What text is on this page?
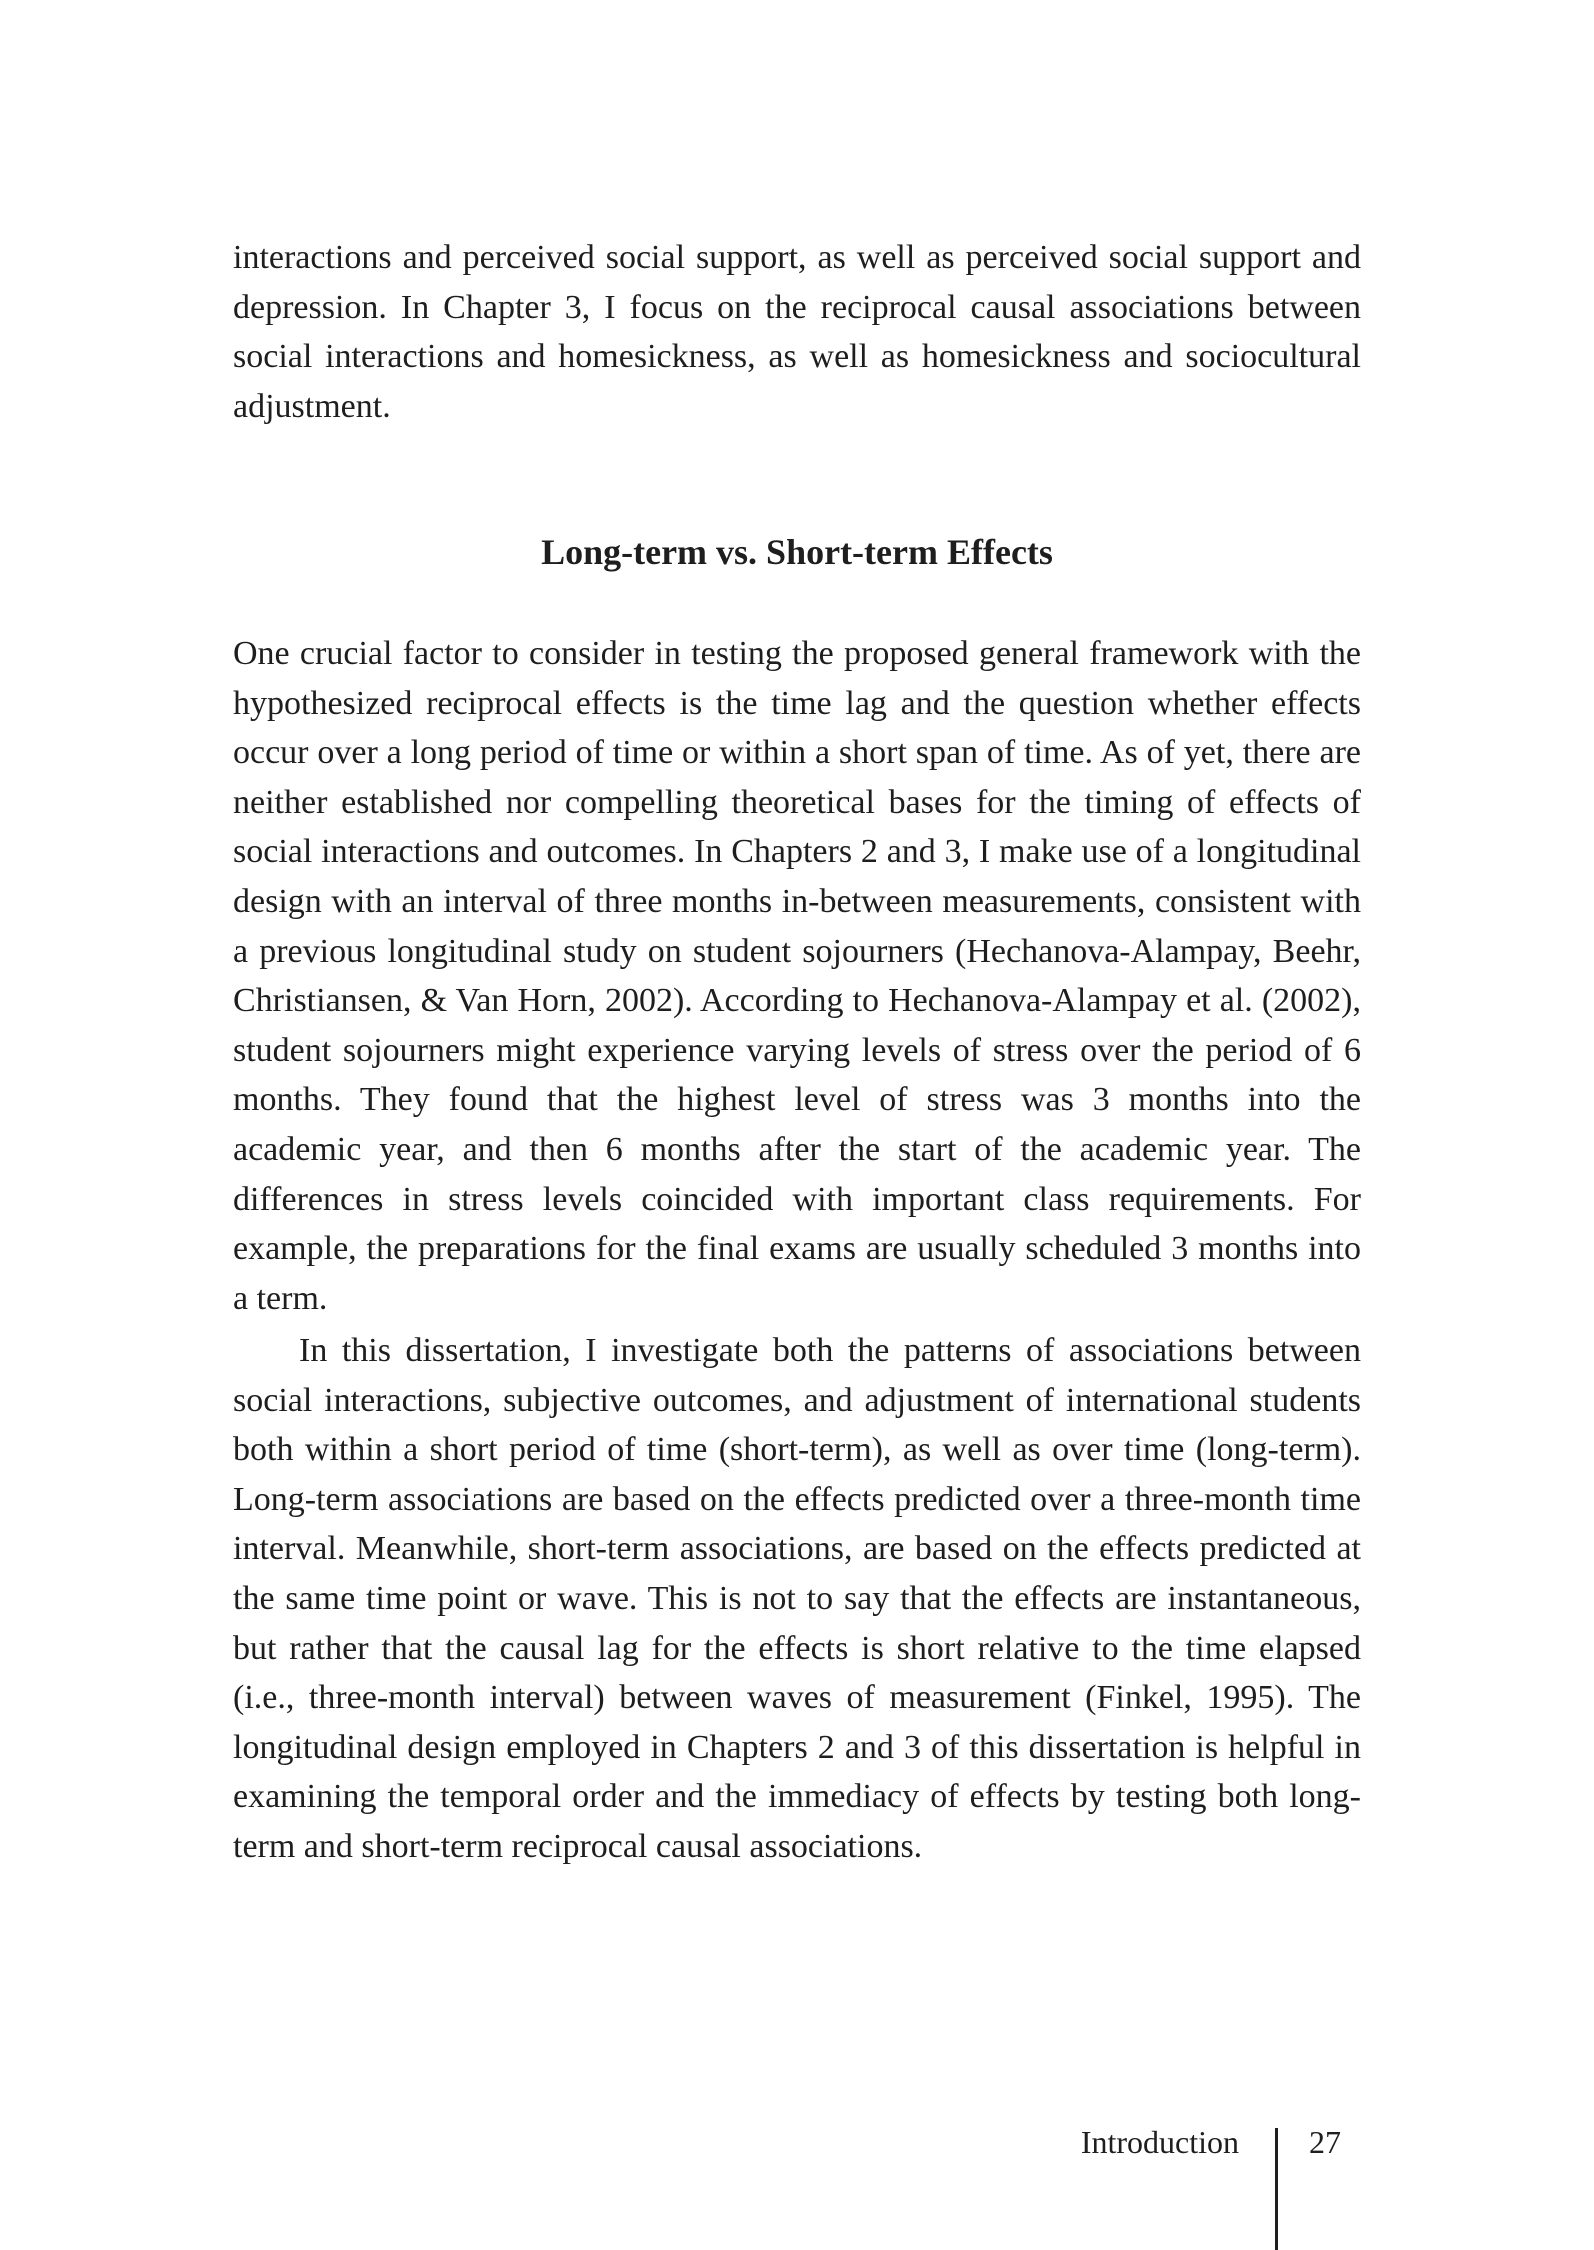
interactions and perceived social support, as well as perceived social support and depression. In Chapter 3, I focus on the reciprocal causal associations between social interactions and homesickness, as well as homesickness and sociocultural adjustment.

Long-term vs. Short-term Effects

One crucial factor to consider in testing the proposed general framework with the hypothesized reciprocal effects is the time lag and the question whether effects occur over a long period of time or within a short span of time. As of yet, there are neither established nor compelling theoretical bases for the timing of effects of social interactions and outcomes. In Chapters 2 and 3, I make use of a longitudinal design with an interval of three months in-between measurements, consistent with a previous longitudinal study on student sojourners (Hechanova-Alampay, Beehr, Christiansen, & Van Horn, 2002). According to Hechanova-Alampay et al. (2002), student sojourners might experience varying levels of stress over the period of 6 months. They found that the highest level of stress was 3 months into the academic year, and then 6 months after the start of the academic year. The differences in stress levels coincided with important class requirements. For example, the preparations for the final exams are usually scheduled 3 months into a term.

In this dissertation, I investigate both the patterns of associations between social interactions, subjective outcomes, and adjustment of international students both within a short period of time (short-term), as well as over time (long-term). Long-term associations are based on the effects predicted over a three-month time interval. Meanwhile, short-term associations, are based on the effects predicted at the same time point or wave. This is not to say that the effects are instantaneous, but rather that the causal lag for the effects is short relative to the time elapsed (i.e., three-month interval) between waves of measurement (Finkel, 1995). The longitudinal design employed in Chapters 2 and 3 of this dissertation is helpful in examining the temporal order and the immediacy of effects by testing both long-term and short-term reciprocal causal associations.

Introduction 27
